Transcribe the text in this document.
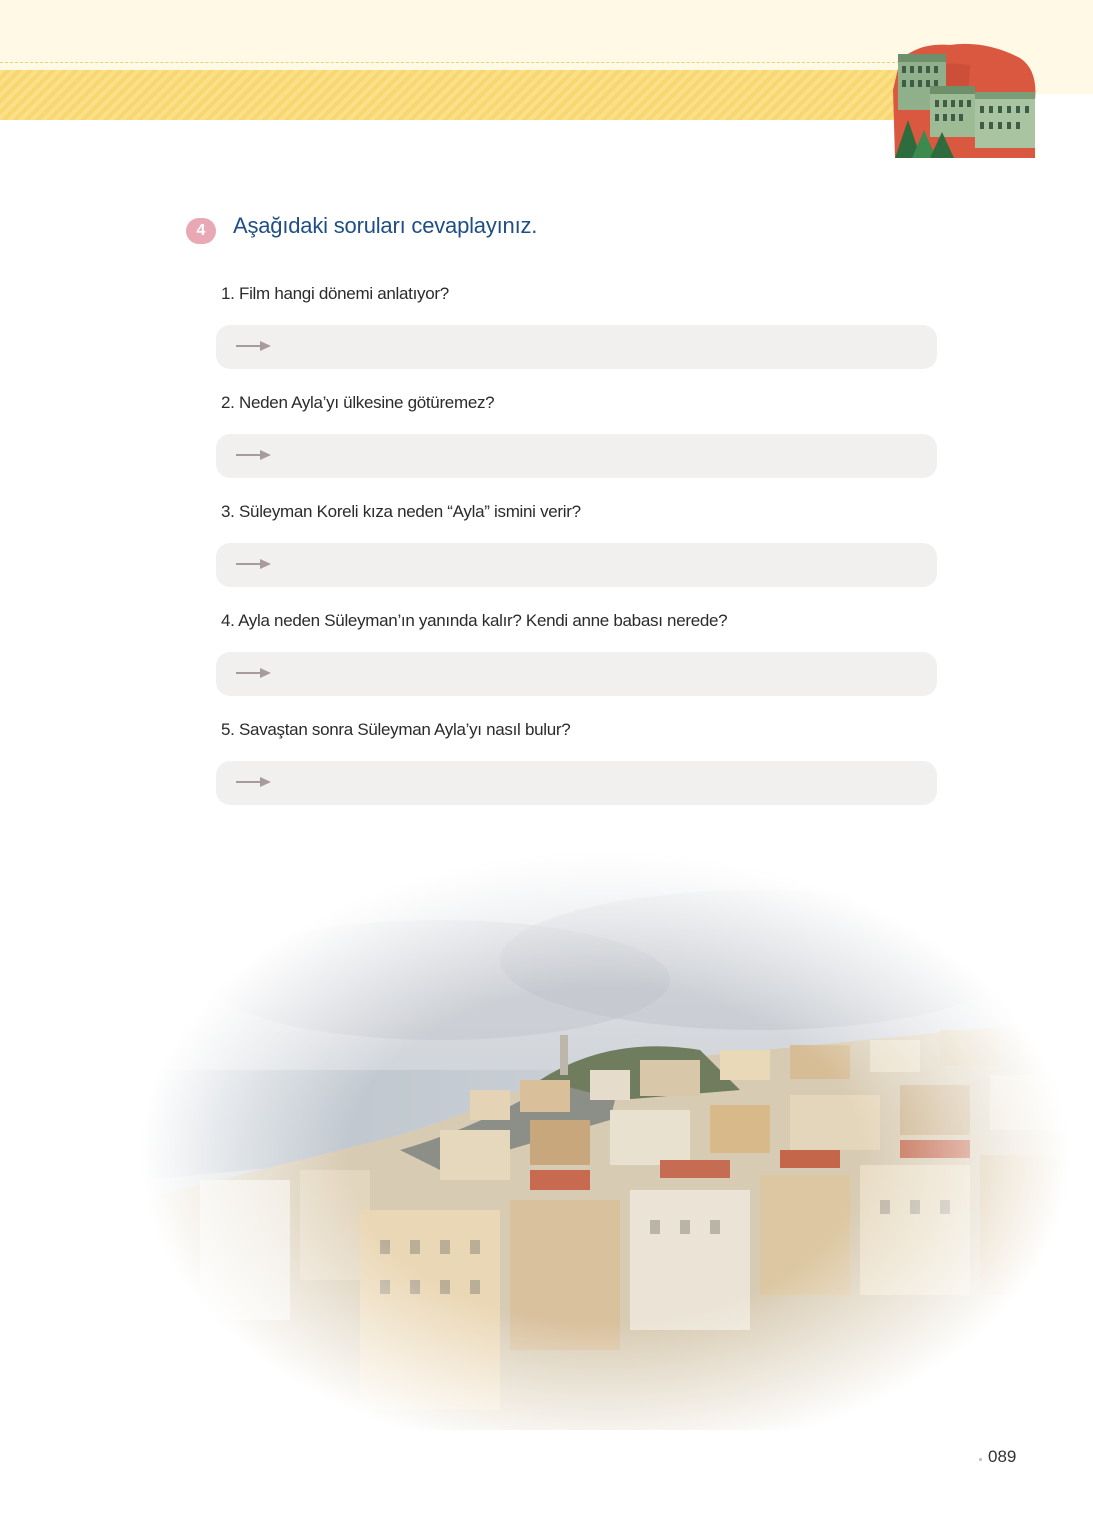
4	Aşağıdaki soruları cevaplayınız.
1. Film hangi dönemi anlatıyor?
2. Neden Ayla’yı ülkesine götüremez?
3. Süleyman Koreli kıza neden “Ayla” ismini verir?
4. Ayla neden Süleyman’ın yanında kalır? Kendi anne babası nerede?
5. Savaştan sonra Süleyman Ayla’yı nasıl bulur?
089
